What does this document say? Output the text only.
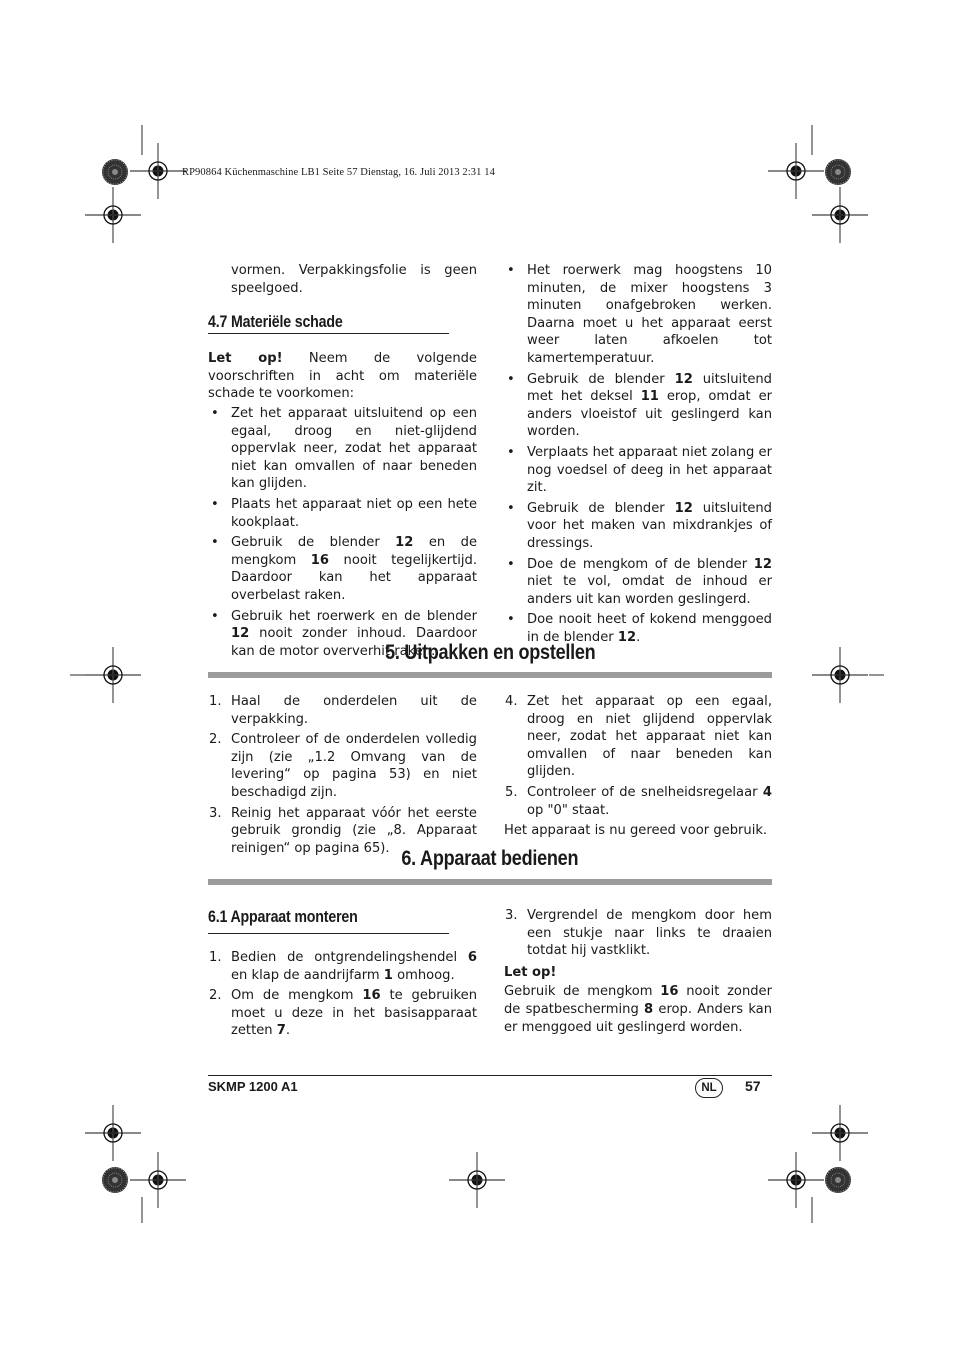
RP90864 Küchenmaschine LB1 Seite 57 Dienstag, 16. Juli 2013 2:31 14

vormen. Verpakkingsfolie is geen speelgoed.

4.7 Materiële schade

Let op! Neem de volgende voorschriften in acht om materiële schade te voorkomen:

• Zet het apparaat uitsluitend op een egaal, droog en niet-glijdend oppervlak neer, zodat het apparaat niet kan omvallen of naar beneden kan glijden.
• Plaats het apparaat niet op een hete kookplaat.
• Gebruik de blender 12 en de mengkom 16 nooit tegelijkertijd. Daardoor kan het apparaat overbelast raken.
• Gebruik het roerwerk en de blender 12 nooit zonder inhoud. Daardoor kan de motor oververhit raken.
• Het roerwerk mag hoogstens 10 minuten, de mixer hoogstens 3 minuten onafgebroken werken. Daarna moet u het apparaat eerst weer laten afkoelen tot kamertemperatuur.
• Gebruik de blender 12 uitsluitend met het deksel 11 erop, omdat er anders vloeistof uit geslingerd kan worden.
• Verplaats het apparaat niet zolang er nog voedsel of deeg in het apparaat zit.
• Gebruik de blender 12 uitsluitend voor het maken van mixdrankjes of dressings.
• Doe de mengkom of de blender 12 niet te vol, omdat de inhoud er anders uit kan worden geslingerd.
• Doe nooit heet of kokend menggoed in de blender 12.
5. Uitpakken en opstellen
1. Haal de onderdelen uit de verpakking.
2. Controleer of de onderdelen volledig zijn (zie „1.2 Omvang van de levering“ op pagina 53) en niet beschadigd zijn.
3. Reinig het apparaat vóór het eerste gebruik grondig (zie „8. Apparaat reinigen“ op pagina 65).
4. Zet het apparaat op een egaal, droog en niet glijdend oppervlak neer, zodat het apparaat niet kan omvallen of naar beneden kan glijden.
5. Controleer of de snelheidsregelaar 4 op "0" staat.

Het apparaat is nu gereed voor gebruik.

6. Apparaat bedienen
6.1 Apparaat monteren
1. Bedien de ontgrendelingshendel 6 en klap de aandrijfarm 1 omhoog.
2. Om de mengkom 16 te gebruiken moet u deze in het basisapparaat zetten 7.
3. Vergrendel de mengkom door hem een stukje naar links te draaien totdat hij vastklikt.

Let op!

Gebruik de mengkom 16 nooit zonder de spatbescherming 8 erop. Anders kan er menggoed uit geslingerd worden.

SKMP 1200 A1	NL	57
